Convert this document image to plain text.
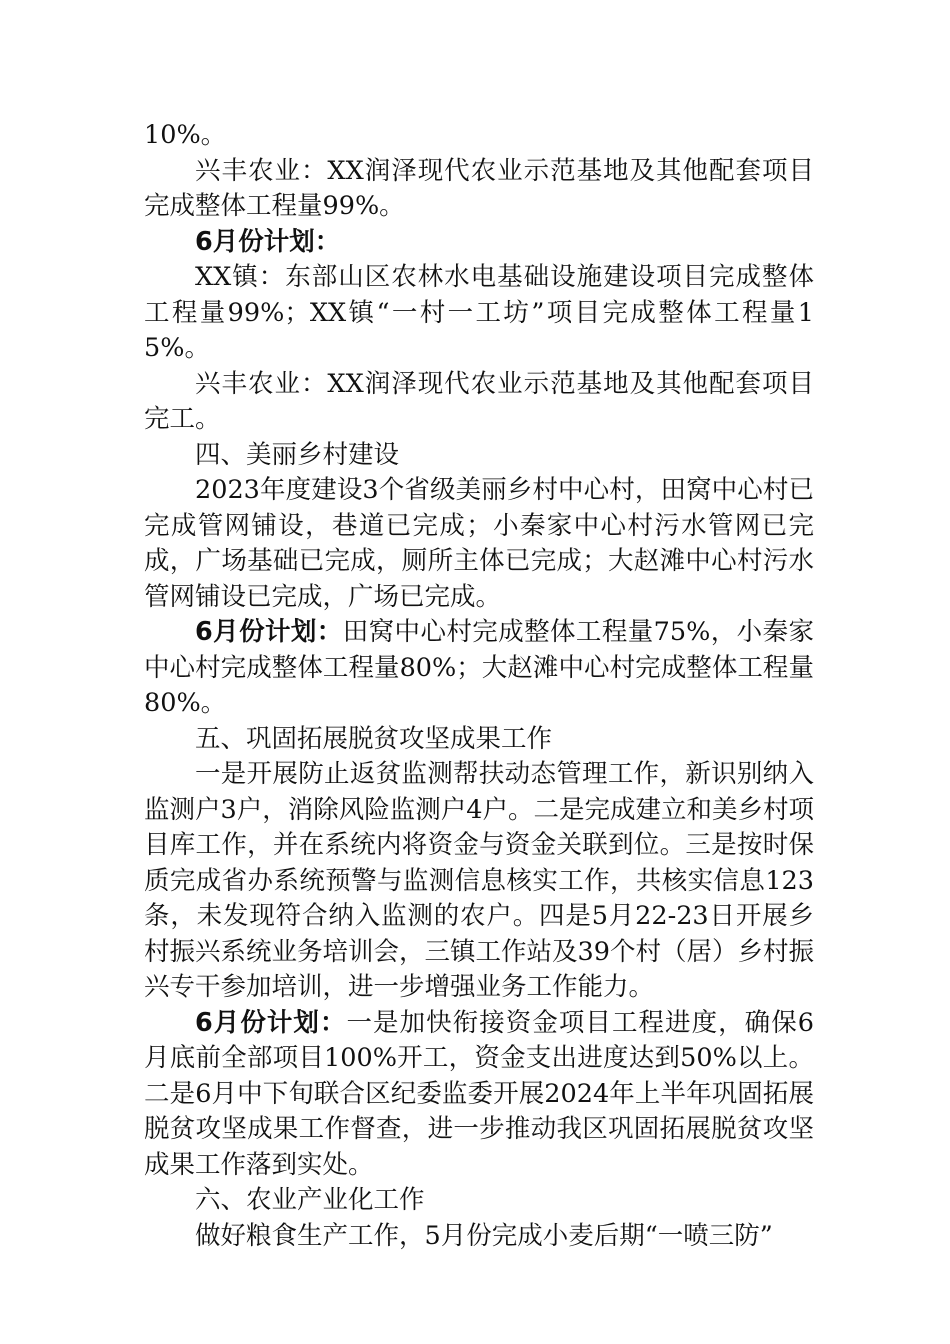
10%。

兴丰农业：XX润泽现代农业示范基地及其他配套项目完成整体工程量99%。

6月份计划：

XX镇：东部山区农林水电基础设施建设项目完成整体工程量99%；XX镇“一村一工坊”项目完成整体工程量15%。

兴丰农业：XX润泽现代农业示范基地及其他配套项目完工。

四、美丽乡村建设

2023年度建设3个省级美丽乡村中心村，田窝中心村已完成管网铺设，巷道已完成；小秦家中心村污水管网已完成，广场基础已完成，厕所主体已完成；大赵滩中心村污水管网铺设已完成，广场已完成。

6月份计划：田窝中心村完成整体工程量75%，小秦家中心村完成整体工程量80%；大赵滩中心村完成整体工程量80%。

五、巩固拓展脱贫攻坚成果工作

一是开展防止返贫监测帮扶动态管理工作，新识别纳入监测户3户，消除风险监测户4户。二是完成建立和美乡村项目库工作，并在系统内将资金与资金关联到位。三是按时保质完成省办系统预警与监测信息核实工作，共核实信息123条，未发现符合纳入监测的农户。四是5月22-23日开展乡村振兴系统业务培训会，三镇工作站及39个村（居）乡村振兴专干参加培训，进一步增强业务工作能力。

6月份计划：一是加快衔接资金项目工程进度，确保6月底前全部项目100%开工，资金支出进度达到50%以上。二是6月中下旬联合区纪委监委开展2024年上半年巩固拓展脱贫攻坚成果工作督查，进一步推动我区巩固拓展脱贫攻坚成果工作落到实处。

六、农业产业化工作

做好粮食生产工作，5月份完成小麦后期“一喷三防”
